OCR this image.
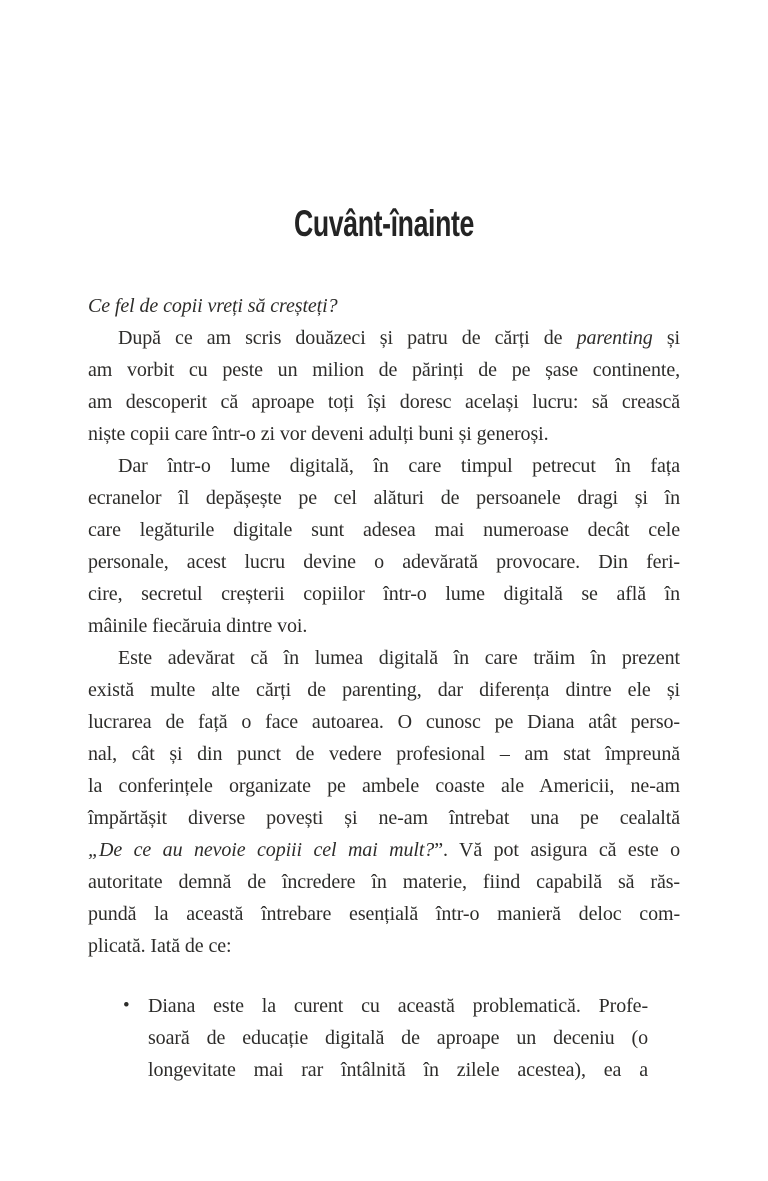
Cuvânt-înainte
Ce fel de copii vreți să creșteți?
După ce am scris douăzeci și patru de cărți de parenting și
am vorbit cu peste un milion de părinți de pe șase continente,
am descoperit că aproape toți își doresc același lucru: să crească
niște copii care într-o zi vor deveni adulți buni și generoși.
Dar într-o lume digitală, în care timpul petrecut în fața
ecranelor îl depășește pe cel alături de persoanele dragi și în
care legăturile digitale sunt adesea mai numeroase decât cele
personale, acest lucru devine o adevărată provocare. Din feri-
cire, secretul creșterii copiilor într-o lume digitală se află în
mâinile fiecăruia dintre voi.
Este adevărat că în lumea digitală în care trăim în prezent
există multe alte cărți de parenting, dar diferența dintre ele și
lucrarea de față o face autoarea. O cunosc pe Diana atât perso-
nal, cât și din punct de vedere profesional – am stat împreună
la conferințele organizate pe ambele coaste ale Americii, ne-am
împărtășit diverse povești și ne-am întrebat una pe cealaltă
„De ce au nevoie copiii cel mai mult?”. Vă pot asigura că este o
autoritate demnă de încredere în materie, fiind capabilă să răs-
pundă la această întrebare esențială într-o manieră deloc com-
plicată. Iată de ce:
• Diana este la curent cu această problematică. Profe-
soară de educație digitală de aproape un deceniu (o
longevitate mai rar întâlnită în zilele acestea), ea a
